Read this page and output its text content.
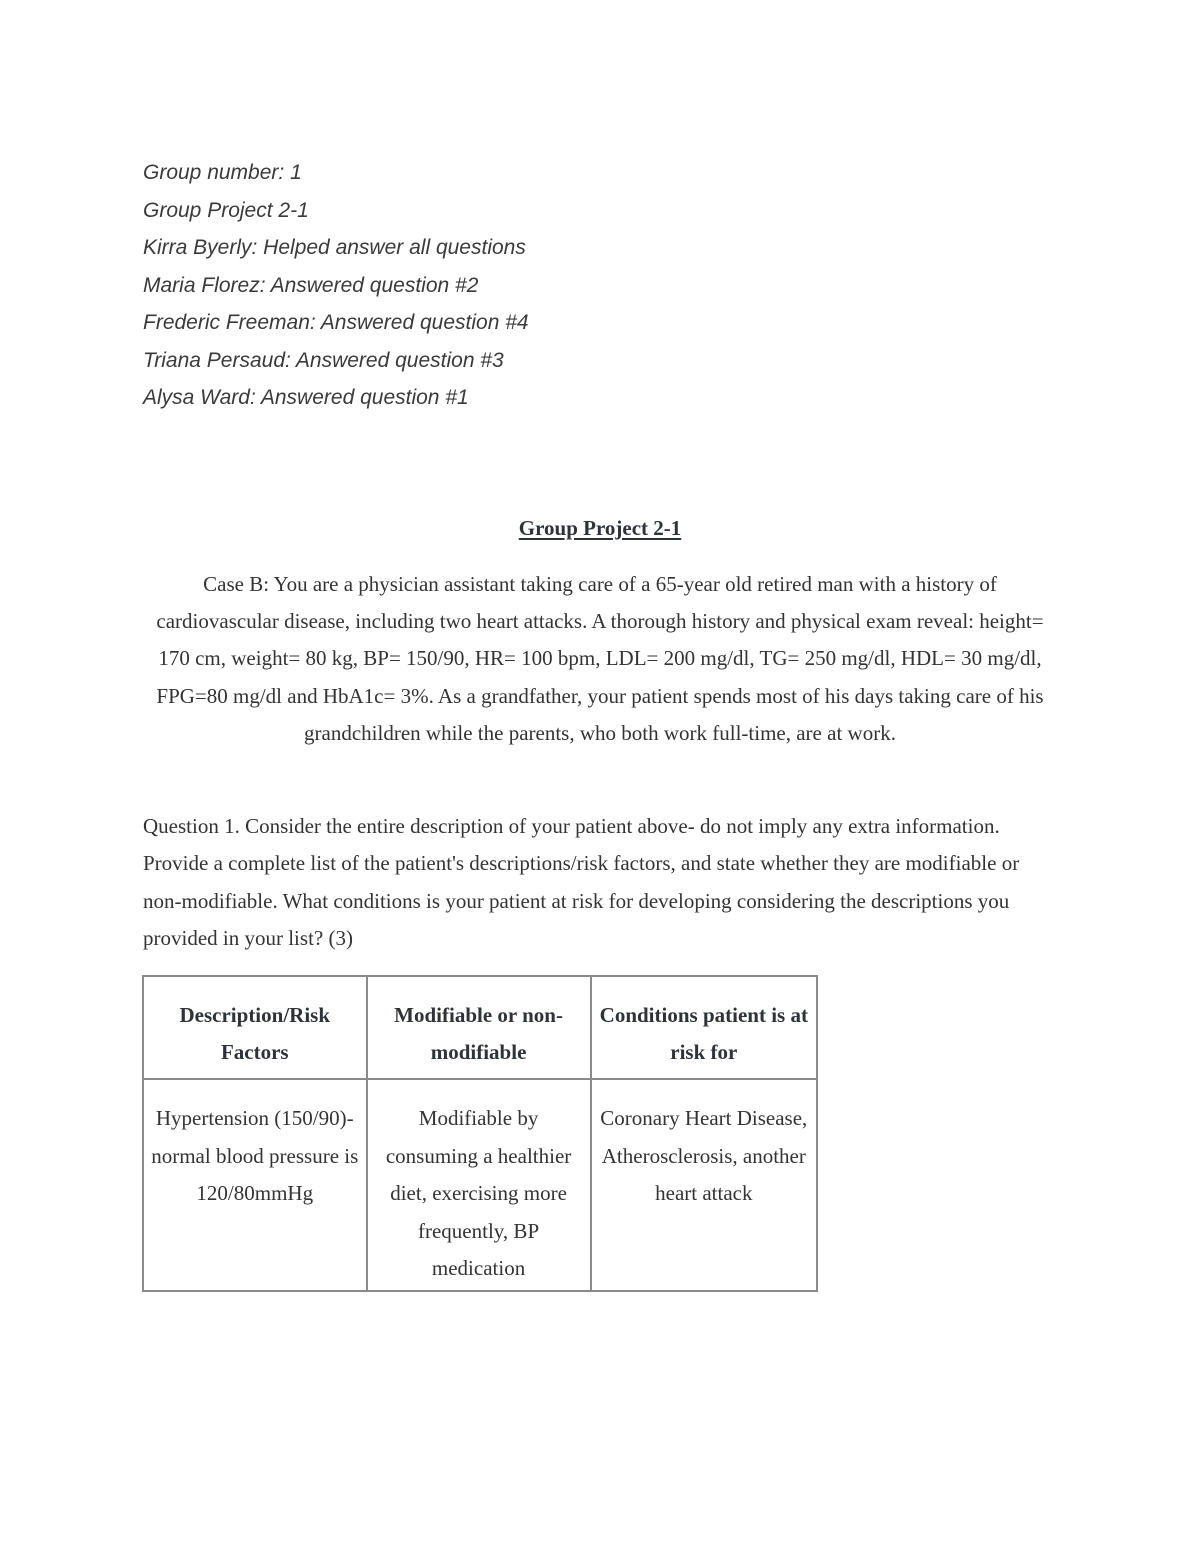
Group number: 1
Group Project 2-1
Kirra Byerly: Helped answer all questions
Maria Florez: Answered question #2
Frederic Freeman: Answered question #4
Triana Persaud: Answered question #3
Alysa Ward: Answered question #1
Group Project 2-1

Case B: You are a physician assistant taking care of a 65-year old retired man with a history of cardiovascular disease, including two heart attacks. A thorough history and physical exam reveal: height= 170 cm, weight= 80 kg, BP= 150/90, HR= 100 bpm, LDL= 200 mg/dl, TG= 250 mg/dl, HDL= 30 mg/dl, FPG=80 mg/dl and HbA1c= 3%. As a grandfather, your patient spends most of his days taking care of his grandchildren while the parents, who both work full-time, are at work.

Question 1. Consider the entire description of your patient above- do not imply any extra information. Provide a complete list of the patient's descriptions/risk factors, and state whether they are modifiable or non-modifiable. What conditions is your patient at risk for developing considering the descriptions you provided in your list? (3)

Description/Risk Factors	Modifiable or non-modifiable	Conditions patient is at risk for
Hypertension (150/90)- normal blood pressure is 120/80mmHg	Modifiable by consuming a healthier diet, exercising more frequently, BP medication	Coronary Heart Disease, Atherosclerosis, another heart attack
